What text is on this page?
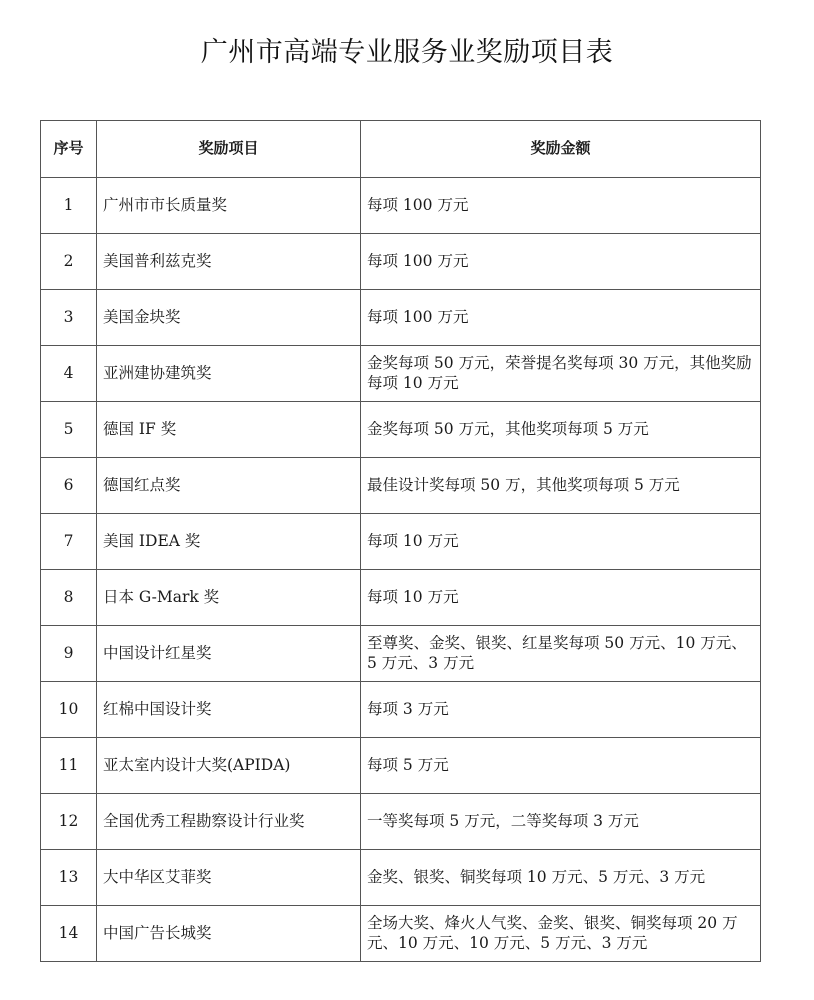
广州市高端专业服务业奖励项目表
序号	奖励项目	奖励金额
1	广州市市长质量奖	每项 100 万元
2	美国普利兹克奖	每项 100 万元
3	美国金块奖	每项 100 万元
4	亚洲建协建筑奖	金奖每项 50 万元，荣誉提名奖每项 30 万元，其他奖励每项 10 万元
5	德国 IF 奖	金奖每项 50 万元，其他奖项每项 5 万元
6	德国红点奖	最佳设计奖每项 50 万，其他奖项每项 5 万元
7	美国 IDEA 奖	每项 10 万元
8	日本 G-Mark 奖	每项 10 万元
9	中国设计红星奖	至尊奖、金奖、银奖、红星奖每项 50 万元、10 万元、5 万元、3 万元
10	红棉中国设计奖	每项 3 万元
11	亚太室内设计大奖(APIDA)	每项 5 万元
12	全国优秀工程勘察设计行业奖	一等奖每项 5 万元，二等奖每项 3 万元
13	大中华区艾菲奖	金奖、银奖、铜奖每项 10 万元、5 万元、3 万元
14	中国广告长城奖	全场大奖、烽火人气奖、金奖、银奖、铜奖每项 20 万元、10 万元、10 万元、5 万元、3 万元
